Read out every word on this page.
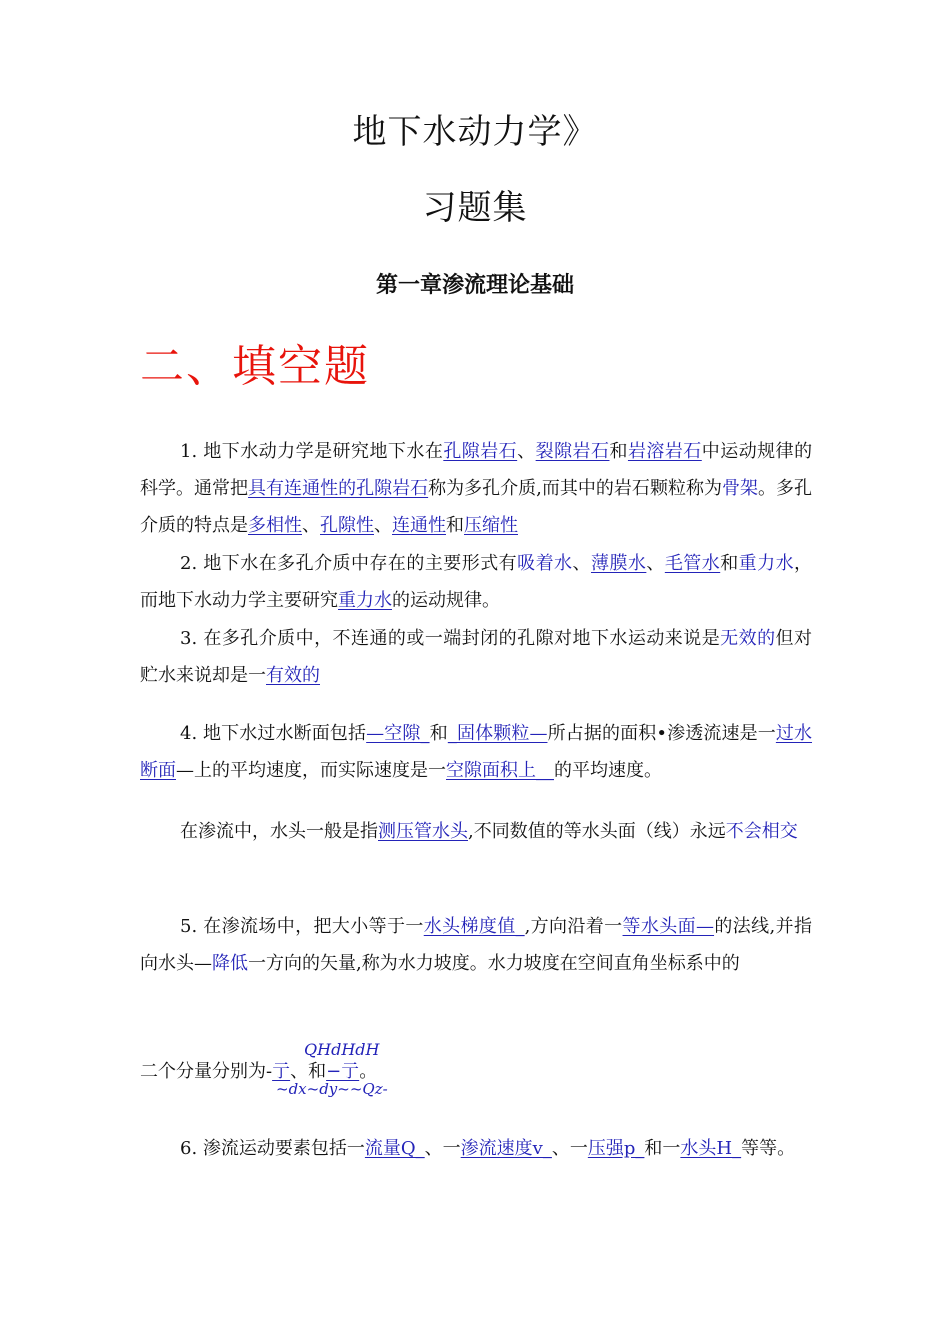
地下水动力学》
习题集
第一章渗流理论基础
二、填空题

1. 地下水动力学是研究地下水在孔隙岩石、裂隙岩石和岩溶岩石中运动规律的科学。通常把具有连通性的孔隙岩石称为多孔介质,而其中的岩石颗粒称为骨架。多孔介质的特点是多相性、孔隙性、连通性和压缩性

2. 地下水在多孔介质中存在的主要形式有吸着水、薄膜水、毛管水和重力水，而地下水动力学主要研究重力水的运动规律。

3. 在多孔介质中，不连通的或一端封闭的孔隙对地下水运动来说是无效的但对贮水来说却是一有效的

4. 地下水过水断面包括—空隙_和_固体颗粒—所占据的面积•渗透流速是一过水断面—上的平均速度，而实际速度是一空隙面积上__的平均速度。

在渗流中，水头一般是指测压管水头,不同数值的等水头面（线）永远不会相交

5. 在渗流场中，把大小等于一水头梯度值_,方向沿着一等水头面—的法线,并指向水头—降低一方向的矢量,称为水力坡度。水力坡度在空间直角坐标系中的

QHdHdH
二个分量分别为-亍、和−亍。
~dx~dy~~Qz-

6. 渗流运动要素包括一流量Q_、一渗流速度v_、一压强p_和一水头H_等等。
